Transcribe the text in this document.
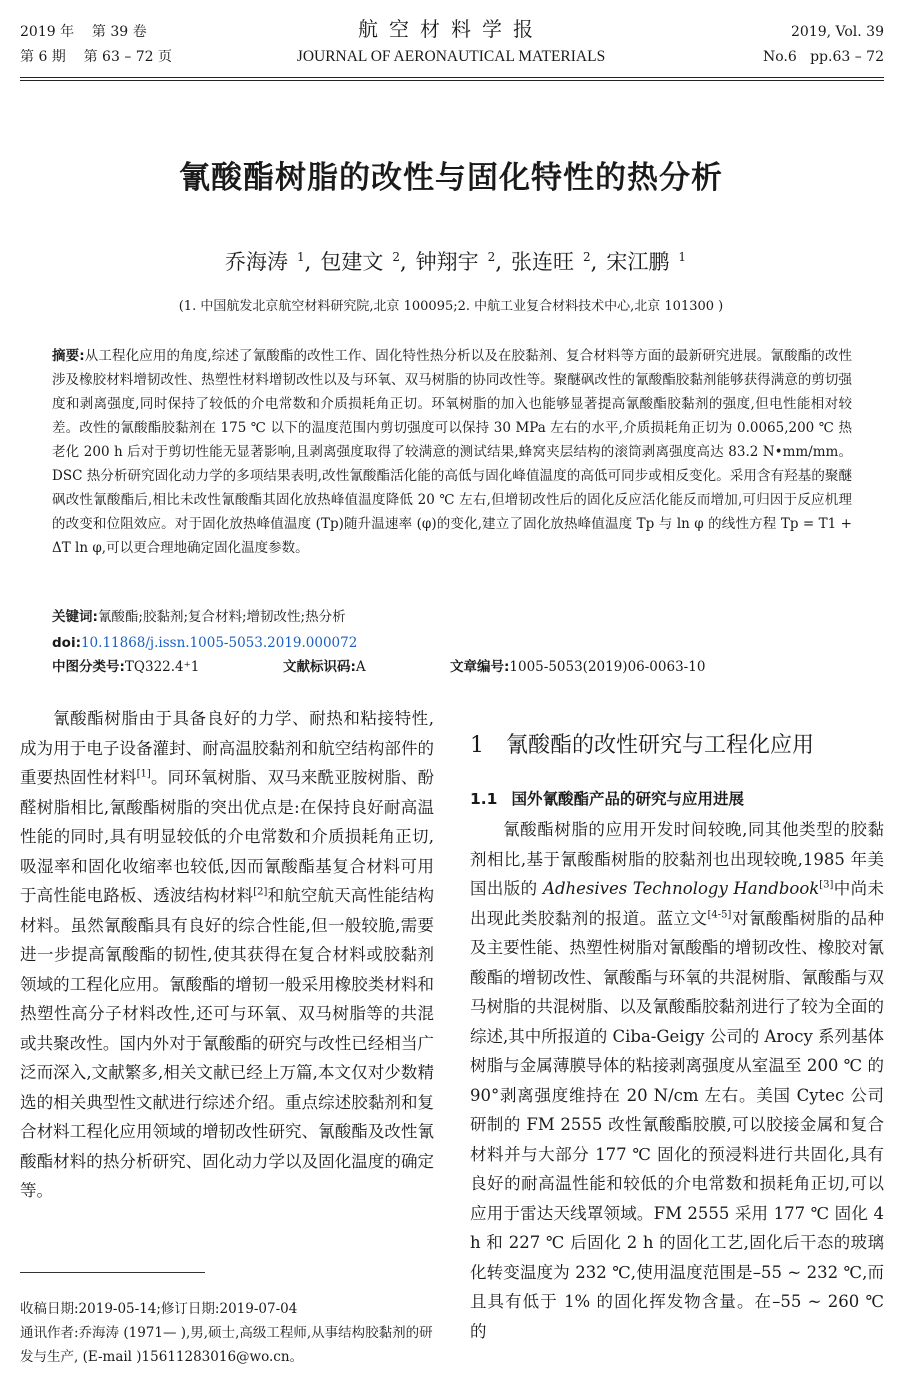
2019 年    第 39 卷
第 6 期    第 63 – 72 页
航空材料学报
JOURNAL OF AERONAUTICAL MATERIALS
2019, Vol. 39
No.6   pp.63 – 72
氰酸酯树脂的改性与固化特性的热分析
乔海涛 $^1$, 包建文 $^2$, 钟翔宇 $^2$, 张连旺 $^2$, 宋江鹏 $^1$
(1. 中国航发北京航空材料研究院,北京 100095;2. 中航工业复合材料技术中心,北京 101300 )

摘要:从工程化应用的角度,综述了氰酸酯的改性工作、固化特性热分析以及在胶黏剂、复合材料等方面的最新研究进展。氰酸酯的改性涉及橡胶材料增韧改性、热塑性材料增韧改性以及与环氧、双马树脂的协同改性等。聚醚砜改性的氰酸酯胶黏剂能够获得满意的剪切强度和剥离强度,同时保持了较低的介电常数和介质损耗角正切。环氧树脂的加入也能够显著提高氰酸酯胶黏剂的强度,但电性能相对较差。改性的氰酸酯胶黏剂在 175 ℃ 以下的温度范围内剪切强度可以保持 30 MPa 左右的水平,介质损耗角正切为 0.0065,200 ℃ 热老化 200 h 后对于剪切性能无显著影响,且剥离强度取得了较满意的测试结果,蜂窝夹层结构的滚筒剥离强度高达 83.2 N•mm/mm。DSC 热分析研究固化动力学的多项结果表明,改性氰酸酯活化能的高低与固化峰值温度的高低可同步或相反变化。采用含有羟基的聚醚砜改性氰酸酯后,相比未改性氰酸酯其固化放热峰值温度降低 20 ℃ 左右,但增韧改性后的固化反应活化能反而增加,可归因于反应机理的改变和位阻效应。对于固化放热峰值温度 (Tp)随升温速率 (φ)的变化,建立了固化放热峰值温度 Tp 与 ln φ 的线性方程 Tp = T1 + ΔT ln φ,可以更合理地确定固化温度参数。

关键词:氰酸酯;胶黏剂;复合材料;增韧改性;热分析
doi:10.11868/j.issn.1005-5053.2019.000072
中图分类号:TQ322.4⁺1	文献标识码:A	文章编号:1005-5053(2019)06-0063-10

氰酸酯树脂由于具备良好的力学、耐热和粘接特性,成为用于电子设备灌封、耐高温胶黏剂和航空结构部件的重要热固性材料[1]。同环氧树脂、双马来酰亚胺树脂、酚醛树脂相比,氰酸酯树脂的突出优点是:在保持良好耐高温性能的同时,具有明显较低的介电常数和介质损耗角正切,吸湿率和固化收缩率也较低,因而氰酸酯基复合材料可用于高性能电路板、透波结构材料[2]和航空航天高性能结构材料。虽然氰酸酯具有良好的综合性能,但一般较脆,需要进一步提高氰酸酯的韧性,使其获得在复合材料或胶黏剂领域的工程化应用。氰酸酯的增韧一般采用橡胶类材料和热塑性高分子材料改性,还可与环氧、双马树脂等的共混或共聚改性。国内外对于氰酸酯的研究与改性已经相当广泛而深入,文献繁多,相关文献已经上万篇,本文仅对少数精选的相关典型性文献进行综述介绍。重点综述胶黏剂和复合材料工程化应用领域的增韧改性研究、氰酸酯及改性氰酸酯材料的热分析研究、固化动力学以及固化温度的确定等。

收稿日期:2019-05-14;修订日期:2019-07-04

通讯作者:乔海涛 (1971— ),男,硕士,高级工程师,从事结构胶黏剂的研发与生产, (E-mail )15611283016@wo.cn。

1 氰酸酯的改性研究与工程化应用
1.1 国外氰酸酯产品的研究与应用进展

氰酸酯树脂的应用开发时间较晚,同其他类型的胶黏剂相比,基于氰酸酯树脂的胶黏剂也出现较晚,1985 年美国出版的 Adhesives Technology Handbook[3]中尚未出现此类胶黏剂的报道。蓝立文[4-5]对氰酸酯树脂的品种及主要性能、热塑性树脂对氰酸酯的增韧改性、橡胶对氰酸酯的增韧改性、氰酸酯与环氧的共混树脂、氰酸酯与双马树脂的共混树脂、以及氰酸酯胶黏剂进行了较为全面的综述,其中所报道的 Ciba-Geigy 公司的 Arocy 系列基体树脂与金属薄膜导体的粘接剥离强度从室温至 200 ℃ 的 90°剥离强度维持在 20 N/cm 左右。美国 Cytec 公司研制的 FM 2555 改性氰酸酯胶膜,可以胶接金属和复合材料并与大部分 177 ℃ 固化的预浸料进行共固化,具有良好的耐高温性能和较低的介电常数和损耗角正切,可以应用于雷达天线罩领域。FM 2555 采用 177 ℃ 固化 4 h 和 227 ℃ 后固化 2 h 的固化工艺,固化后干态的玻璃化转变温度为 232 ℃,使用温度范围是–55 ~ 232 ℃,而且具有低于 1% 的固化挥发物含量。在–55 ~ 260 ℃ 的
